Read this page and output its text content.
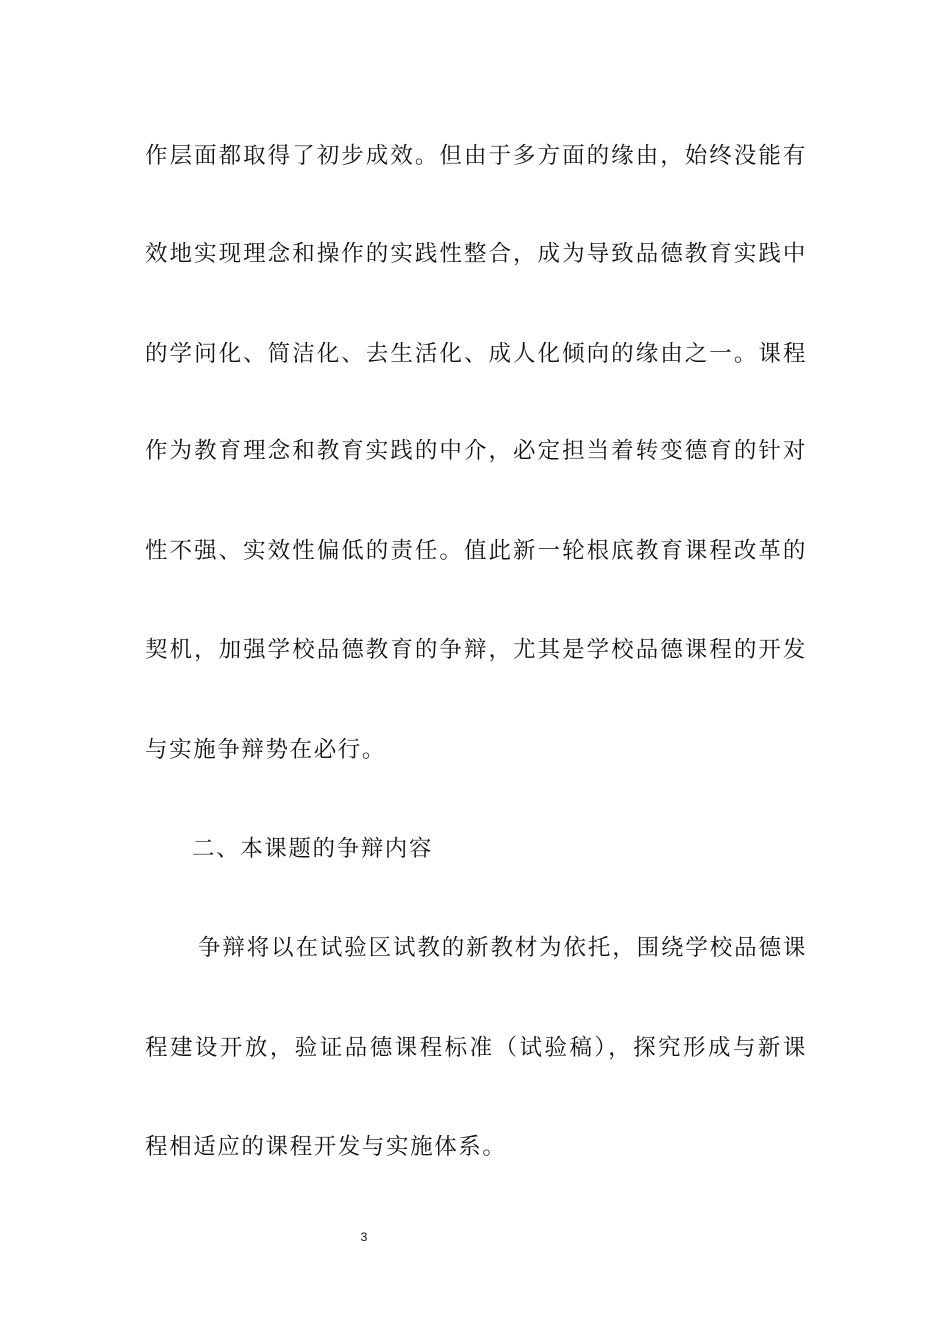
作层面都取得了初步成效。但由于多方面的缘由，始终没能有

效地实现理念和操作的实践性整合，成为导致品德教育实践中

的学问化、简洁化、去生活化、成人化倾向的缘由之一。课程

作为教育理念和教育实践的中介，必定担当着转变德育的针对

性不强、实效性偏低的责任。值此新一轮根底教育课程改革的

契机，加强学校品德教育的争辩，尤其是学校品德课程的开发

与实施争辩势在必行。

二、本课题的争辩内容

争辩将以在试验区试教的新教材为依托，围绕学校品德课

程建设开放，验证品德课程标准（试验稿），探究形成与新课

程相适应的课程开发与实施体系。

3
